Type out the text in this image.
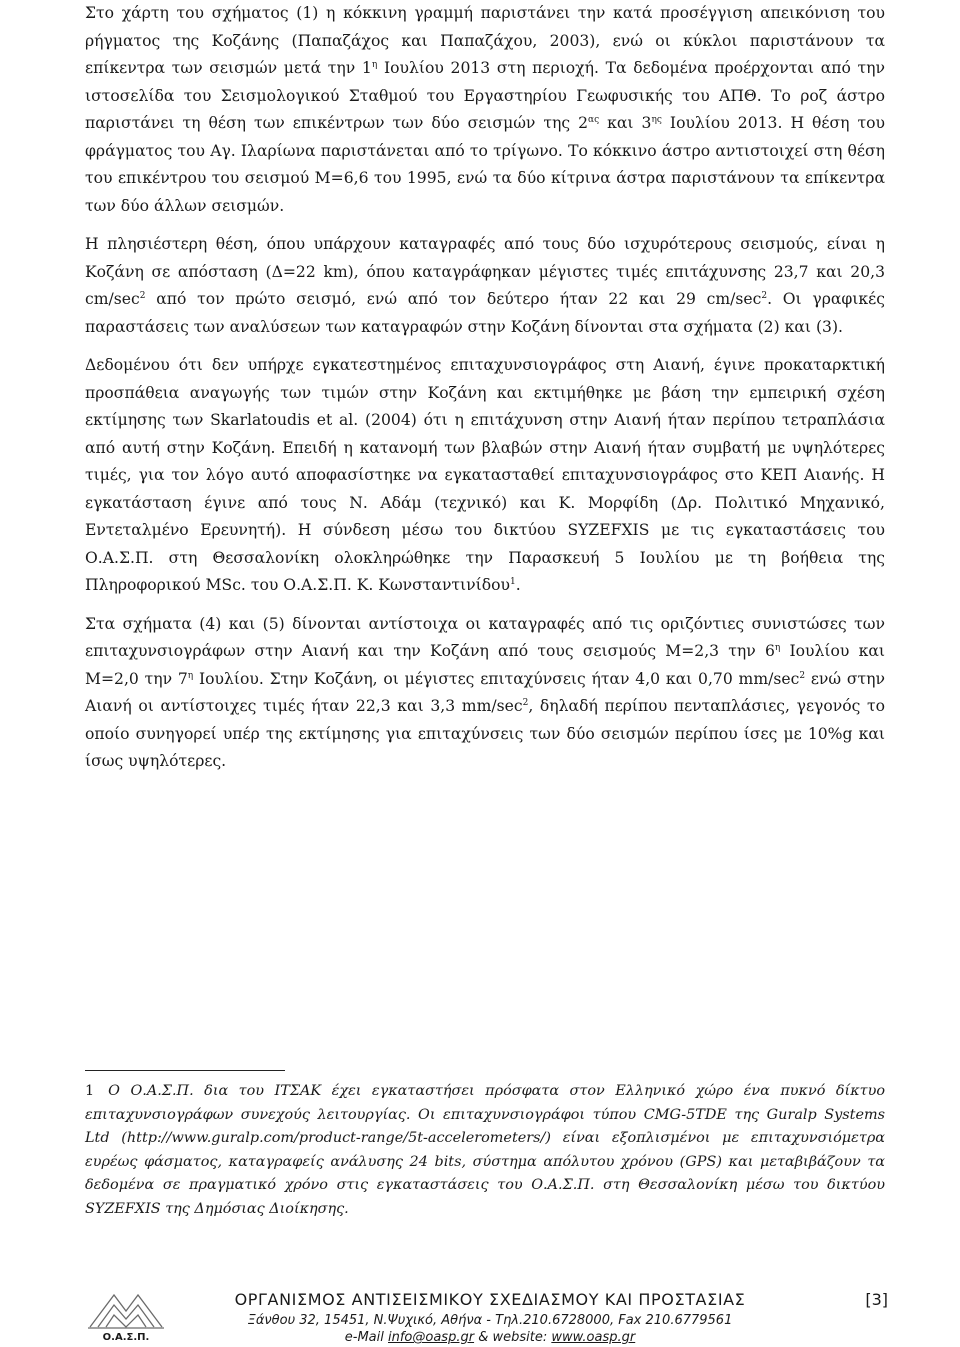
Στο χάρτη του σχήματος (1) η κόκκινη γραμμή παριστάνει την κατά προσέγγιση απεικόνιση του ρήγματος της Κοζάνης (Παπαζάχος και Παπαζάχου, 2003), ενώ οι κύκλοι παριστάνουν τα επίκεντρα των σεισμών μετά την $1^\eta$ Ιουλίου 2013 στη περιοχή. Τα δεδομένα προέρχονται από την ιστοσελίδα του Σεισμολογικού Σταθμού του Εργαστηρίου Γεωφυσικής του ΑΠΘ. Το ροζ άστρο παριστάνει τη θέση των επικέντρων των δύο σεισμών της $2^{\alpha\varsigma}$ και $3^{\eta\varsigma}$ Ιουλίου 2013. Η θέση του φράγματος του Αγ. Ιλαρίωνα παριστάνεται από το τρίγωνο. Το κόκκινο άστρο αντιστοιχεί στη θέση του επικέντρου του σεισμού M=6,6 του 1995, ενώ τα δύο κίτρινα άστρα παριστάνουν τα επίκεντρα των δύο άλλων σεισμών.

Η πλησιέστερη θέση, όπου υπάρχουν καταγραφές από τους δύο ισχυρότερους σεισμούς, είναι η Κοζάνη σε απόσταση (Δ=22 km), όπου καταγράφηκαν μέγιστες τιμές επιτάχυνσης 23,7 και 20,3 $cm/\sec^2$ από τον πρώτο σεισμό, ενώ από τον δεύτερο ήταν 22 και 29 $cm/\sec^2$. Οι γραφικές παραστάσεις των αναλύσεων των καταγραφών στην Κοζάνη δίνονται στα σχήματα (2) και (3).

Δεδομένου ότι δεν υπήρχε εγκατεστημένος επιταχυνσιογράφος στη Αιανή, έγινε προκαταρκτική προσπάθεια αναγωγής των τιμών στην Κοζάνη και εκτιμήθηκε με βάση την εμπειρική σχέση εκτίμησης των Skarlatoudis et al. (2004) ότι η επιτάχυνση στην Αιανή ήταν περίπου τετραπλάσια από αυτή στην Κοζάνη. Επειδή η κατανομή των βλαβών στην Αιανή ήταν συμβατή με υψηλότερες τιμές, για τον λόγο αυτό αποφασίστηκε να εγκατασταθεί επιταχυνσιογράφος στο ΚΕΠ Αιανής. Η εγκατάσταση έγινε από τους Ν. Αδάμ (τεχνικό) και Κ. Μορφίδη (Δρ. Πολιτικό Μηχανικό, Εντεταλμένο Ερευνητή). Η σύνδεση μέσω του δικτύου SYZEFXIS με τις εγκαταστάσεις του Ο.Α.Σ.Π. στη Θεσσαλονίκη ολοκληρώθηκε την Παρασκευή 5 Ιουλίου με τη βοήθεια της Πληροφορικού MSc. του Ο.Α.Σ.Π. Κ. Κωνσταντινίδου$^1$.

Στα σχήματα (4) και (5) δίνονται αντίστοιχα οι καταγραφές από τις οριζόντιες συνιστώσες των επιταχυνσιογράφων στην Αιανή και την Κοζάνη από τους σεισμούς M=2,3 την $6^\eta$ Ιουλίου και M=2,0 την $7^\eta$ Ιουλίου. Στην Κοζάνη, οι μέγιστες επιταχύνσεις ήταν 4,0 και 0,70 $mm/\sec^2$ ενώ στην Αιανή οι αντίστοιχες τιμές ήταν 22,3 και 3,3 $mm/\sec^2$, δηλαδή περίπου πενταπλάσιες, γεγονός το οποίο συνηγορεί υπέρ της εκτίμησης για επιταχύνσεις των δύο σεισμών περίπου ίσες με 10%g και ίσως υψηλότερες.

1 Ο Ο.Α.Σ.Π. δια του ΙΤΣΑΚ έχει εγκαταστήσει πρόσφατα στον Ελληνικό χώρο ένα πυκνό δίκτυο επιταχυνσιογράφων συνεχούς λειτουργίας. Οι επιταχυνσιογράφοι τύπου CMG-5TDE της Guralp Systems Ltd (http://www.guralp.com/product-range/5t-accelerometers/) είναι εξοπλισμένοι με επιταχυνσιόμετρα ευρέως φάσματος, καταγραφείς ανάλυσης 24 bits, σύστημα απόλυτου χρόνου (GPS) και μεταβιβάζουν τα δεδομένα σε πραγματικό χρόνο στις εγκαταστάσεις του Ο.Α.Σ.Π. στη Θεσσαλονίκη μέσω του δικτύου SYZEFXIS της Δημόσιας Διοίκησης.
Ο.Α.Σ.Π.
ΟΡΓΑΝΙΣΜΟΣ ΑΝΤΙΣΕΙΣΜΙΚΟΥ ΣΧΕΔΙΑΣΜΟΥ ΚΑΙ ΠΡΟΣΤΑΣΙΑΣ	[3]
Ξάνθου 32, 15451, Ν.Ψυχικό, Αθήνα - Τηλ.210.6728000, Fax 210.6779561
e-Mail info@oasp.gr & website: www.oasp.gr
